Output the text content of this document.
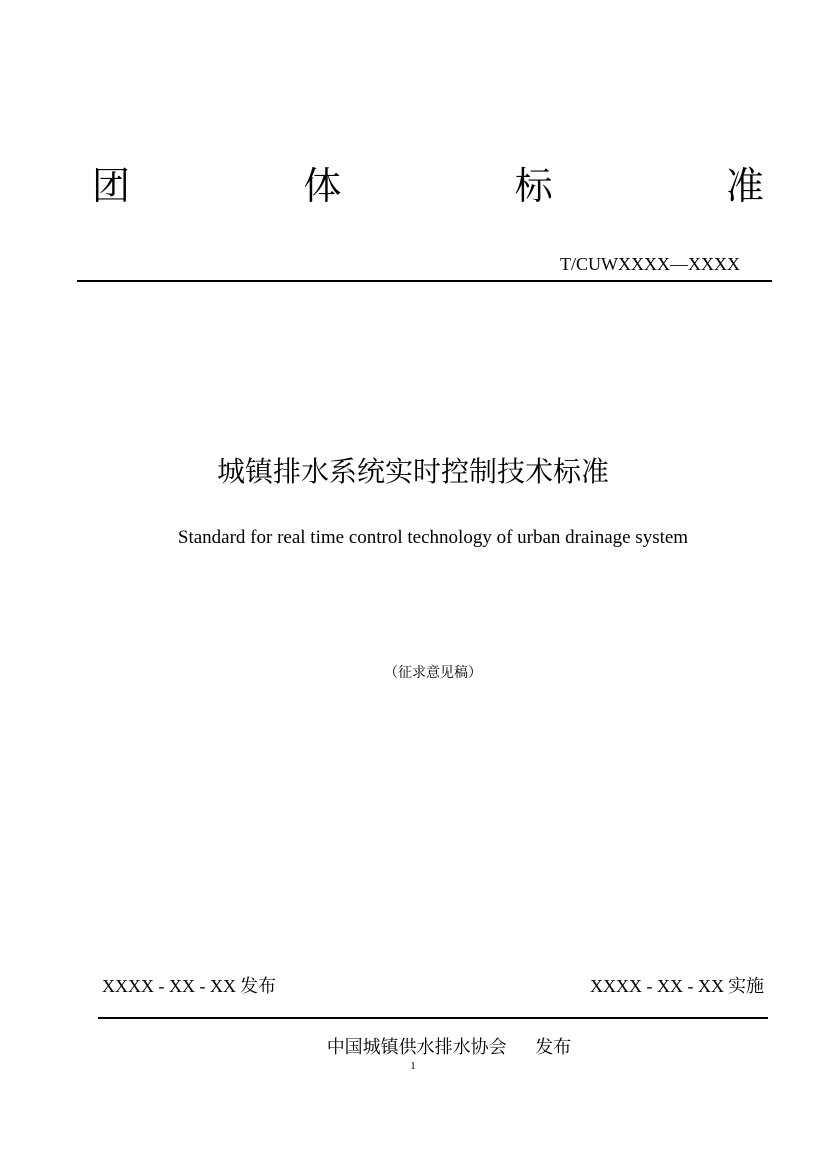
团	体	标	准
T/CUWXXXX—XXXX
城镇排水系统实时控制技术标准
Standard for real time control technology of urban drainage system
（征求意见稿）
XXXX - XX - XX 发布	XXXX - XX - XX 实施
中国城镇供水排水协会 发布
1
